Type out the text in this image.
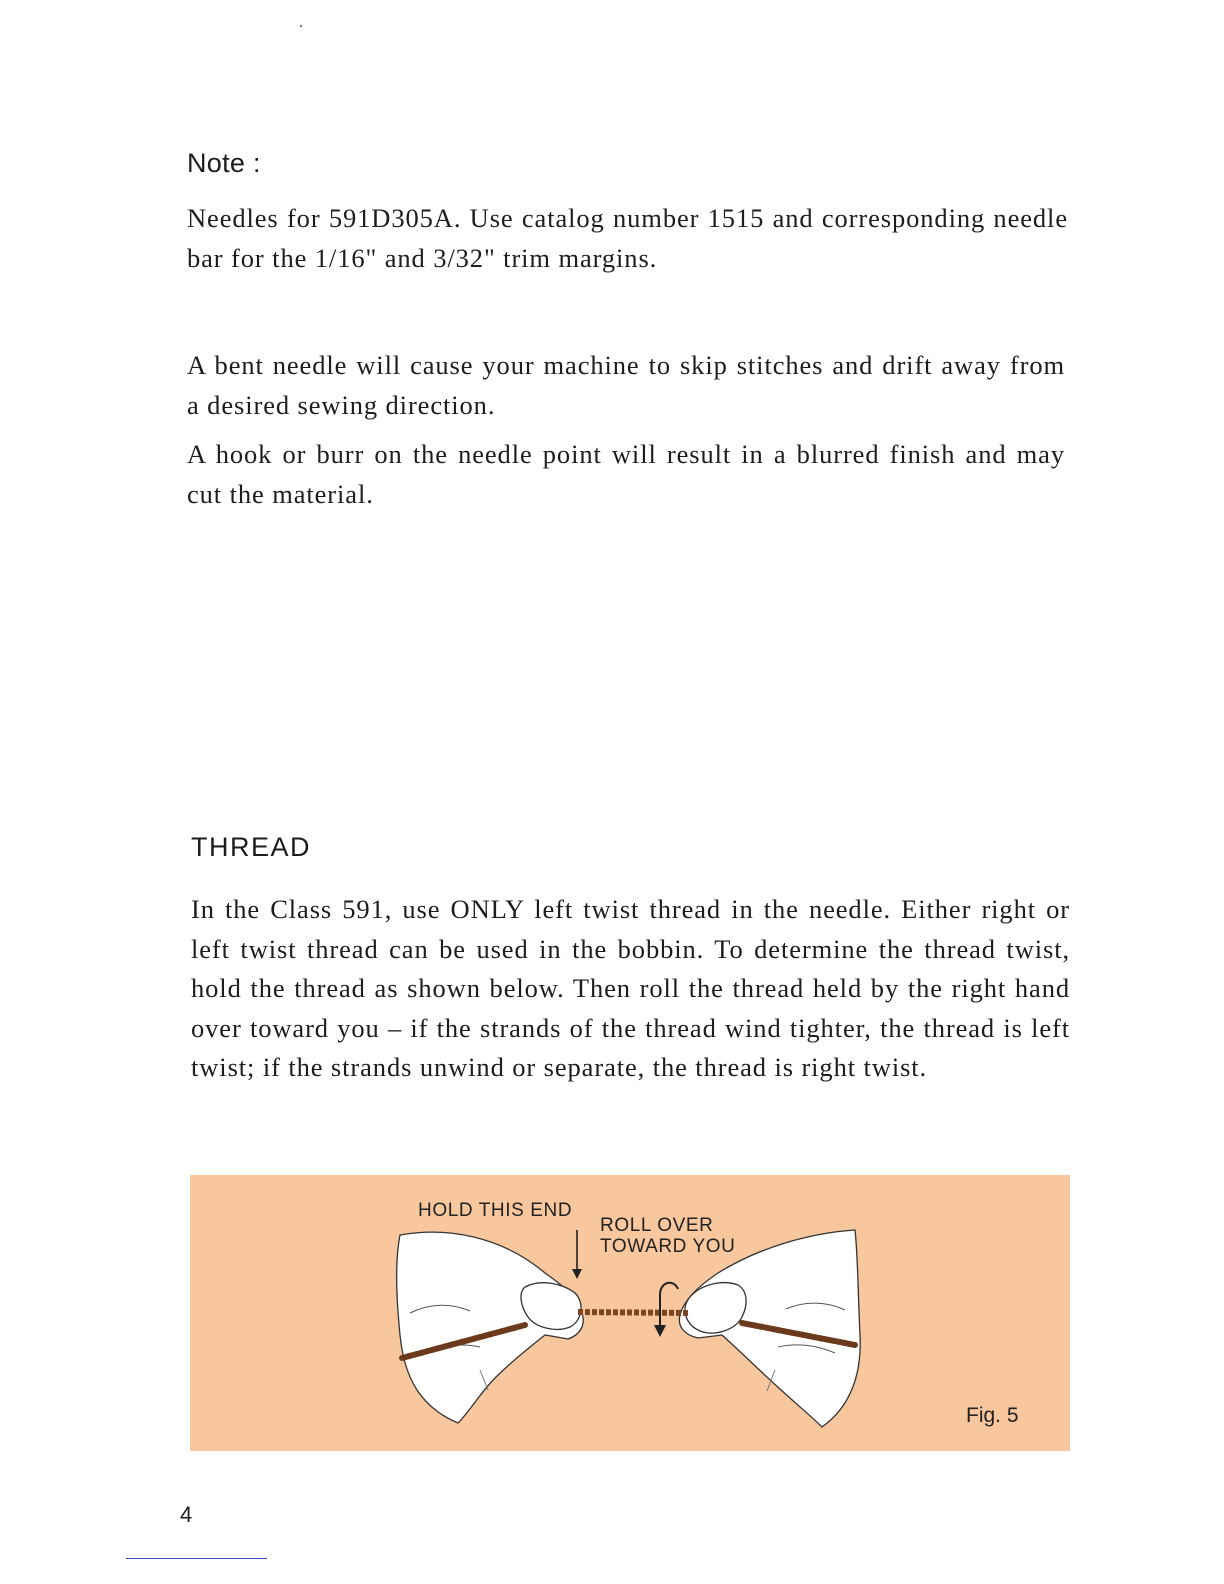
Note :

Needles for 591D305A. Use catalog number 1515 and corresponding needle bar for the 1/16" and 3/32" trim margins.

A bent needle will cause your machine to skip stitches and drift away from a desired sewing direction.

A hook or burr on the needle point will result in a blurred finish and may cut the material.

THREAD

In the Class 591, use ONLY left twist thread in the needle. Either right or left twist thread can be used in the bobbin. To determine the thread twist, hold the thread as shown below. Then roll the thread held by the right hand over toward you – if the strands of the thread wind tighter, the thread is left twist; if the strands unwind or separate, the thread is right twist.

HOLD THIS END
ROLL OVER
TOWARD YOU
Fig. 5
4
